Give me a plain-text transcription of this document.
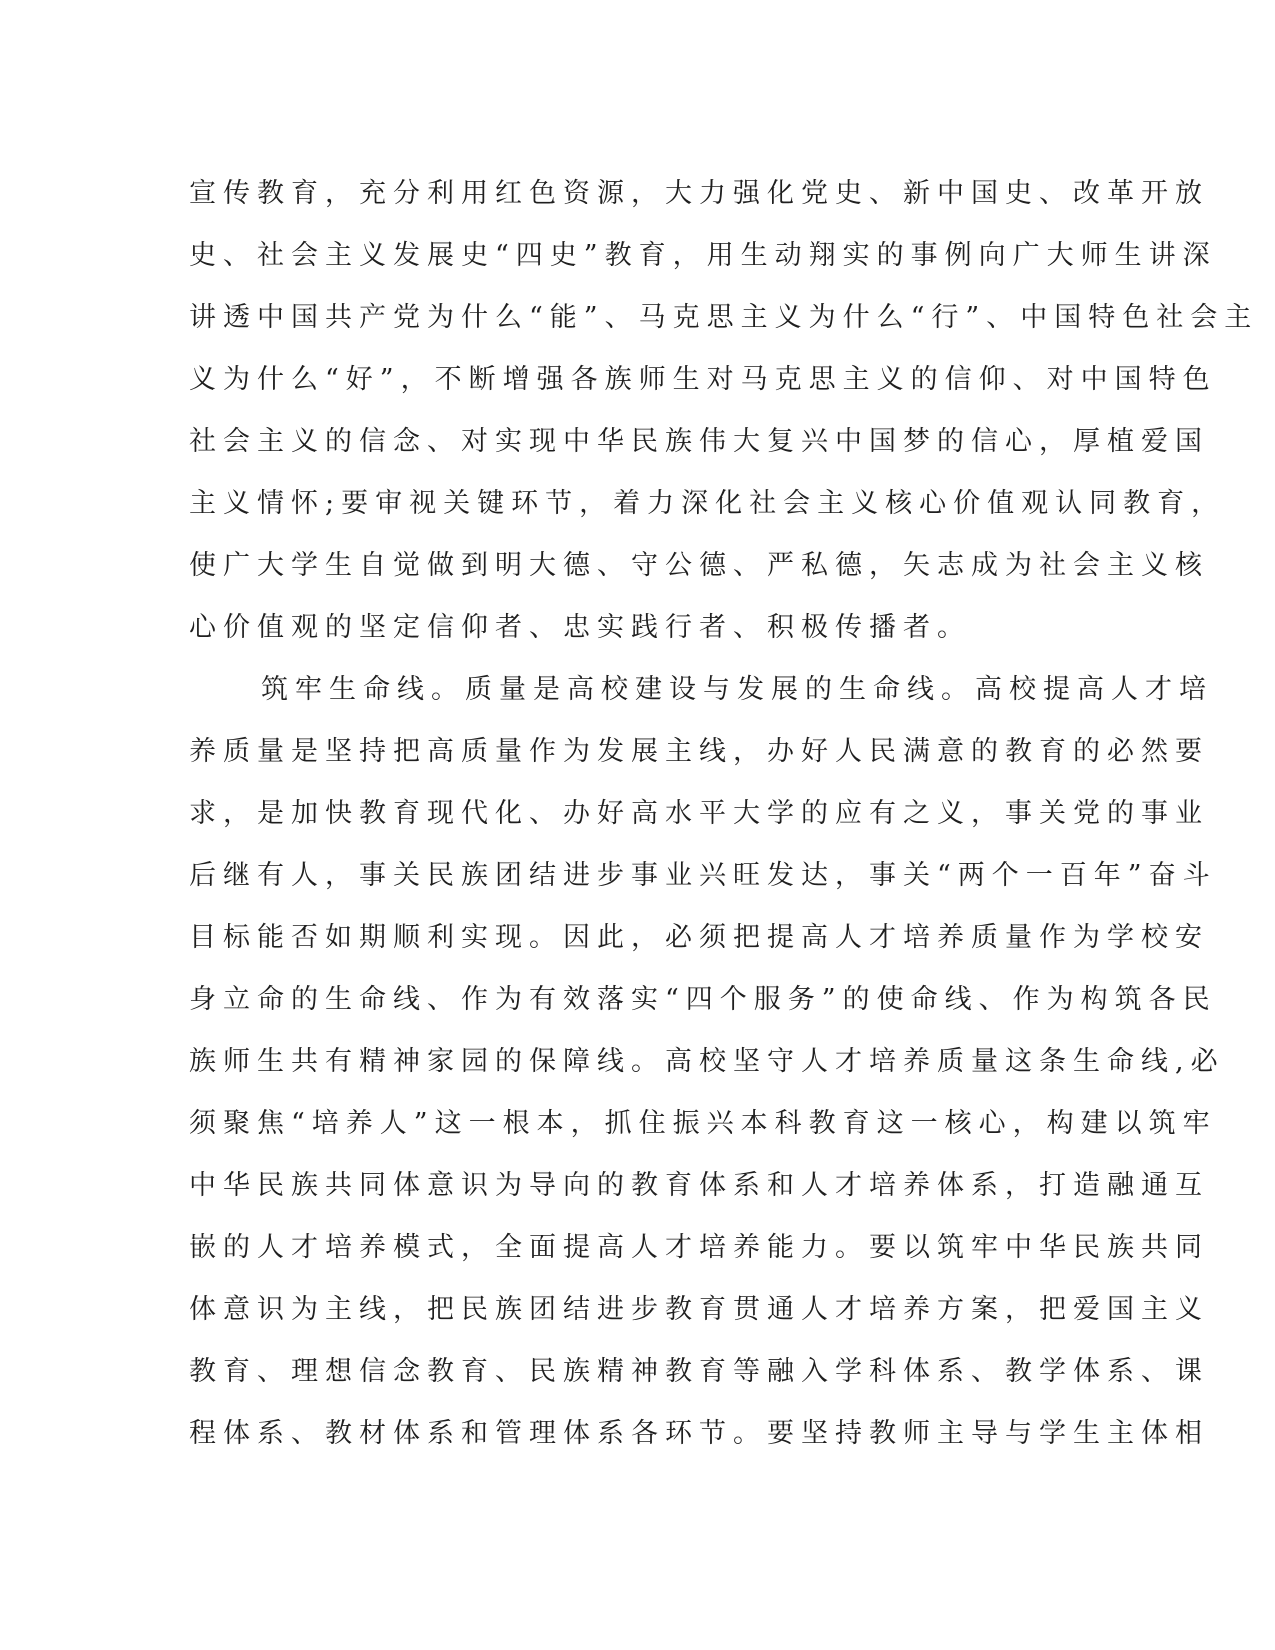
宣传教育，充分利用红色资源，大力强化党史、新中国史、改革开放
史、社会主义发展史“四史”教育，用生动翔实的事例向广大师生讲深
讲透中国共产党为什么“能”、马克思主义为什么“行”、中国特色社会主
义为什么“好”，不断增强各族师生对马克思主义的信仰、对中国特色
社会主义的信念、对实现中华民族伟大复兴中国梦的信心，厚植爱国
主义情怀;要审视关键环节，着力深化社会主义核心价值观认同教育，
使广大学生自觉做到明大德、守公德、严私德，矢志成为社会主义核
心价值观的坚定信仰者、忠实践行者、积极传播者。
筑牢生命线。质量是高校建设与发展的生命线。高校提高人才培
养质量是坚持把高质量作为发展主线，办好人民满意的教育的必然要
求，是加快教育现代化、办好高水平大学的应有之义，事关党的事业
后继有人，事关民族团结进步事业兴旺发达，事关“两个一百年”奋斗
目标能否如期顺利实现。因此，必须把提高人才培养质量作为学校安
身立命的生命线、作为有效落实“四个服务”的使命线、作为构筑各民
族师生共有精神家园的保障线。高校坚守人才培养质量这条生命线,必
须聚焦“培养人”这一根本，抓住振兴本科教育这一核心，构建以筑牢
中华民族共同体意识为导向的教育体系和人才培养体系，打造融通互
嵌的人才培养模式，全面提高人才培养能力。要以筑牢中华民族共同
体意识为主线，把民族团结进步教育贯通人才培养方案，把爱国主义
教育、理想信念教育、民族精神教育等融入学科体系、教学体系、课
程体系、教材体系和管理体系各环节。要坚持教师主导与学生主体相
